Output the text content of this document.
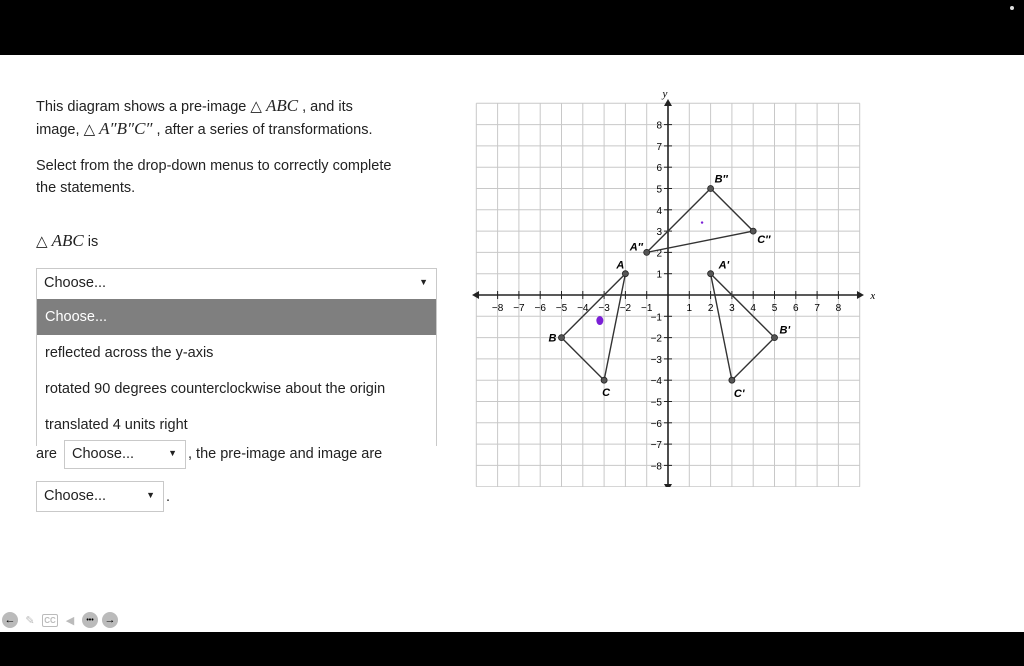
This diagram shows a pre-image △ ABC , and its

image, △ A″B″C″ , after a series of transformations.

Select from the drop-down menus to correctly complete

the statements.

△ ABC is

Choose...	▼
Choose...
reflected across the y-axis
rotated 90 degrees counterclockwise about the origin
translated 4 units right
are Choose...	▼ , the pre-image and image are
Choose...	▼ .
x
y
−8 −7 −6 −5 −4 −3 −2 −1	1 2 3 4 5 6 7 8
8
7
6
5
4
3
2
1
−1
−2
−3
−4
−5
−6
−7
−8
A
B
C
A'
B'
C'
A″
B″
C″
← ✎	CC ◀	••• →
